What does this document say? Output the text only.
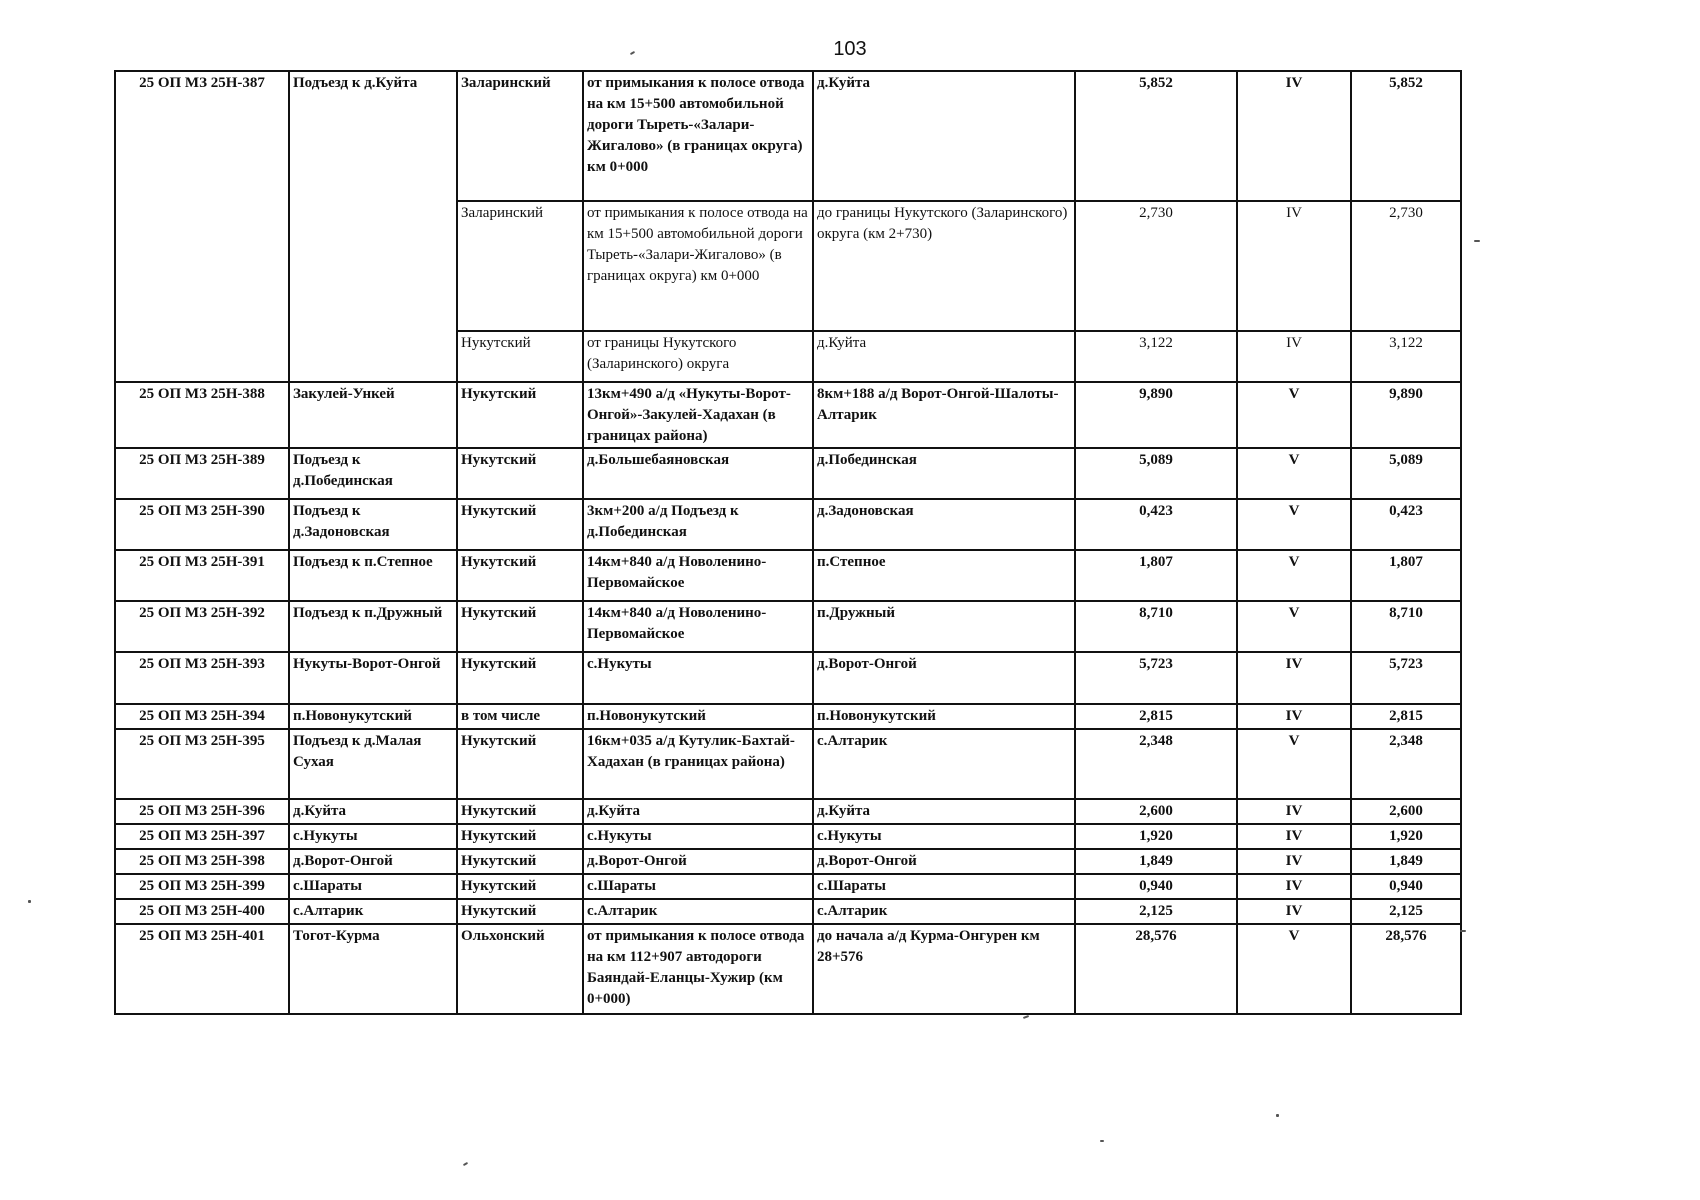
103
25 ОП МЗ 25Н-387	Подъезд к д.Куйта	Заларинский	от примыкания к полосе отвода на км 15+500 автомобильной дороги Тыреть-«Залари-Жигалово» (в границах округа) км 0+000	д.Куйта	5,852	IV	5,852
		Заларинский	от примыкания к полосе отвода на км 15+500 автомобильной дороги Тыреть-«Залари-Жигалово» (в границах округа) км 0+000	до границы Нукутского (Заларинского) округа (км 2+730)	2,730	IV	2,730
		Нукутский	от границы Нукутского (Заларинского) округа	д.Куйта	3,122	IV	3,122
25 ОП МЗ 25Н-388	Закулей-Ункей	Нукутский	13км+490 а/д «Нукуты-Ворот-Онгой»-Закулей-Хадахан (в границах района)	8км+188 а/д Ворот-Онгой-Шалоты-Алтарик	9,890	V	9,890
25 ОП МЗ 25Н-389	Подъезд к д.Побединская	Нукутский	д.Большебаяновская	д.Побединская	5,089	V	5,089
25 ОП МЗ 25Н-390	Подъезд к д.Задоновская	Нукутский	3км+200 а/д Подъезд к д.Побединская	д.Задоновская	0,423	V	0,423
25 ОП МЗ 25Н-391	Подъезд к п.Степное	Нукутский	14км+840 а/д Новоленино-Первомайское	п.Степное	1,807	V	1,807
25 ОП МЗ 25Н-392	Подъезд к п.Дружный	Нукутский	14км+840 а/д Новоленино-Первомайское	п.Дружный	8,710	V	8,710
25 ОП МЗ 25Н-393	Нукуты-Ворот-Онгой	Нукутский	с.Нукуты	д.Ворот-Онгой	5,723	IV	5,723
25 ОП МЗ 25Н-394	п.Новонукутский	в том числе	п.Новонукутский	п.Новонукутский	2,815	IV	2,815
25 ОП МЗ 25Н-395	Подъезд к д.Малая Сухая	Нукутский	16км+035 а/д Кутулик-Бахтай-Хадахан (в границах района)	с.Алтарик	2,348	V	2,348
25 ОП МЗ 25Н-396	д.Куйта	Нукутский	д.Куйта	д.Куйта	2,600	IV	2,600
25 ОП МЗ 25Н-397	с.Нукуты	Нукутский	с.Нукуты	с.Нукуты	1,920	IV	1,920
25 ОП МЗ 25Н-398	д.Ворот-Онгой	Нукутский	д.Ворот-Онгой	д.Ворот-Онгой	1,849	IV	1,849
25 ОП МЗ 25Н-399	с.Шараты	Нукутский	с.Шараты	с.Шараты	0,940	IV	0,940
25 ОП МЗ 25Н-400	с.Алтарик	Нукутский	с.Алтарик	с.Алтарик	2,125	IV	2,125
25 ОП МЗ 25Н-401	Тогот-Курма	Ольхонский	от примыкания к полосе отвода на км 112+907 автодороги Баяндай-Еланцы-Хужир (км 0+000)	до начала а/д Курма-Онгурен км 28+576	28,576	V	28,576
